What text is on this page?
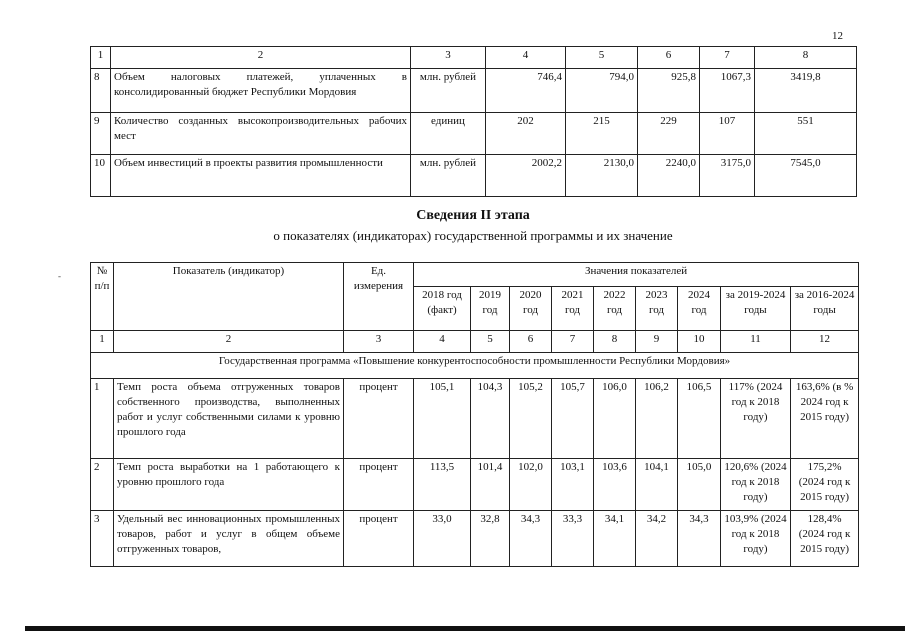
12
-
1	2	3	4	5	6	7	8
8	Объем налоговых платежей, уплаченных в консолидированный бюджет Республики Мордовия	млн. рублей	746,4	794,0	925,8	1067,3	3419,8
9	Количество созданных высокопроизводительных рабочих мест	единиц	202	215	229	107	551
10	Объем инвестиций в проекты развития промышленности	млн. рублей	2002,2	2130,0	2240,0	3175,0	7545,0
Сведения II этапа
о показателях (индикаторах) государственной программы и их значение
№ п/п	Показатель (индикатор)	Ед. измерения	Значения показателей								
			2018 год (факт)	2019 год	2020 год	2021 год	2022 год	2023 год	2024 год	за 2019-2024 годы	за 2016-2024 годы
1	2	3	4	5	6	7	8	9	10	11	12
Государственная программа «Повышение конкурентоспособности промышленности Республики Мордовия»											
1	Темп роста объема отгруженных товаров собственного производства, выполненных работ и услуг собственными силами к уровню прошлого года	процент	105,1	104,3	105,2	105,7	106,0	106,2	106,5	117% (2024 год к 2018 году)	163,6% (в % 2024 год к 2015 году)
2	Темп роста выработки на 1 работающего к уровню прошлого года	процент	113,5	101,4	102,0	103,1	103,6	104,1	105,0	120,6% (2024 год к 2018 году)	175,2% (2024 год к 2015 году)
3	Удельный вес инновационных промышленных товаров, работ и услуг в общем объеме отгруженных товаров,	процент	33,0	32,8	34,3	33,3	34,1	34,2	34,3	103,9% (2024 год к 2018 году)	128,4% (2024 год к 2015 году)
